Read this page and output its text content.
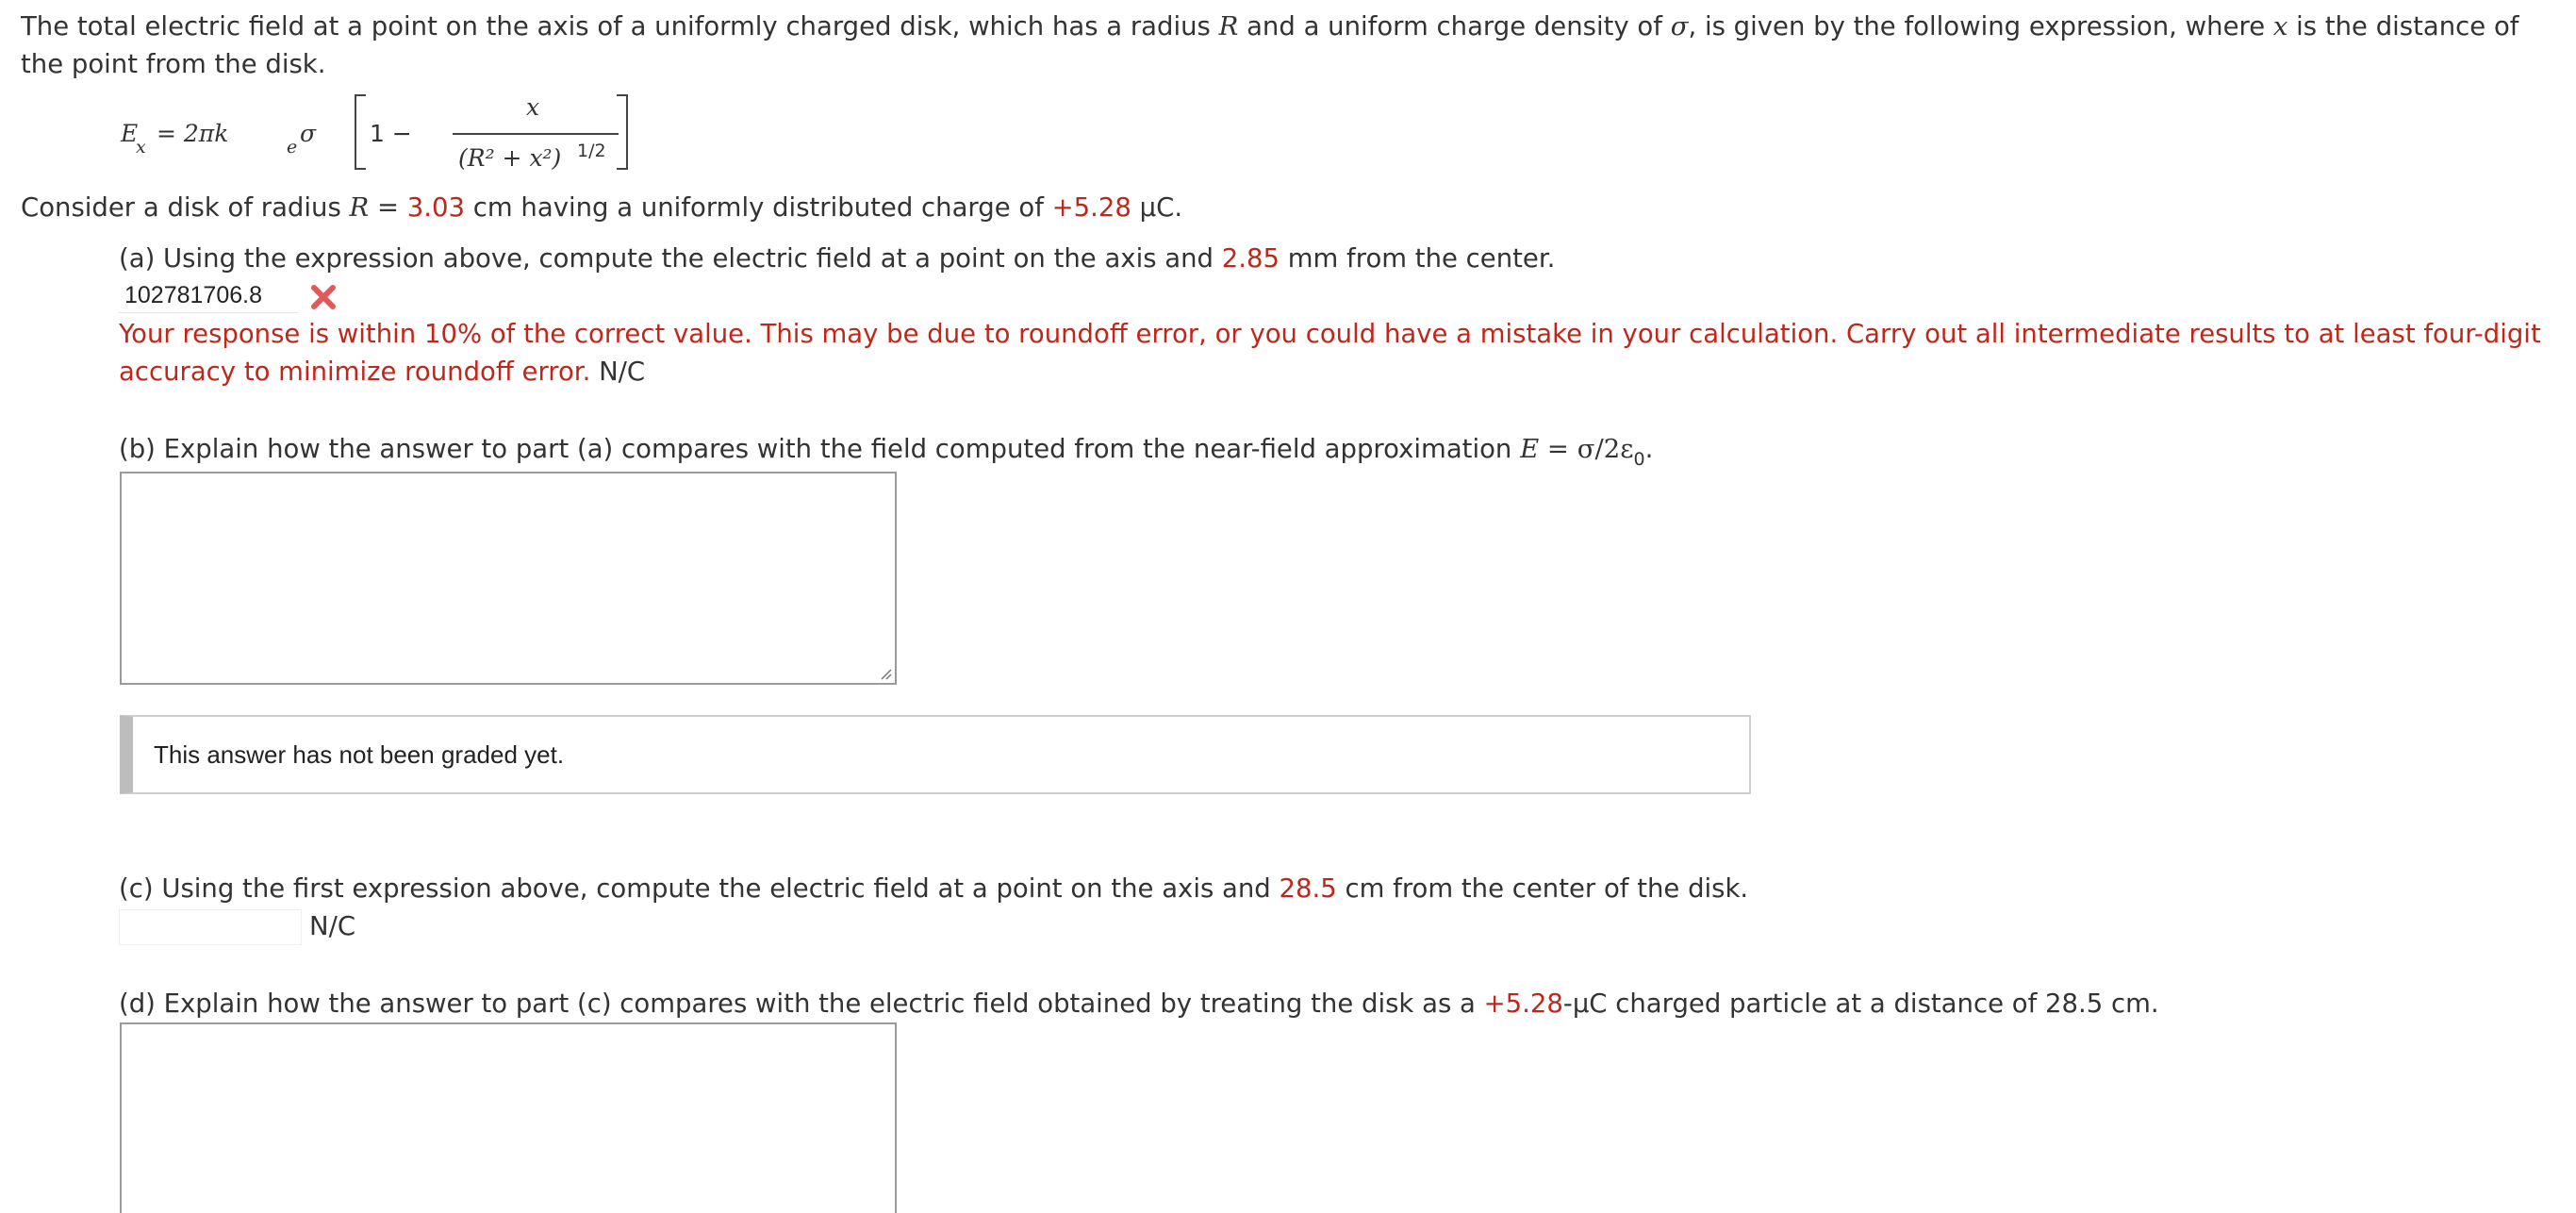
The total electric field at a point on the axis of a uniformly charged disk, which has a radius R and a uniform charge density of σ, is given by the following expression, where x is the distance of the point from the disk.
E
x = 2πk	e σ 1 −
x
(R² + x²) 1/2
Consider a disk of radius R = 3.03 cm having a uniformly distributed charge of +5.28 μC.
(a) Using the expression above, compute the electric field at a point on the axis and 2.85 mm from the center.
102781706.8
Your response is within 10% of the correct value. This may be due to roundoff error, or you could have a mistake in your calculation. Carry out all intermediate results to at least four-digit accuracy to minimize roundoff error. N/C
(b) Explain how the answer to part (a) compares with the field computed from the near-field approximation $E = \sigma/2\varepsilon_0$.
This answer has not been graded yet.
(c) Using the first expression above, compute the electric field at a point on the axis and 28.5 cm from the center of the disk.
N/C
(d) Explain how the answer to part (c) compares with the electric field obtained by treating the disk as a +5.28-μC charged particle at a distance of 28.5 cm.
